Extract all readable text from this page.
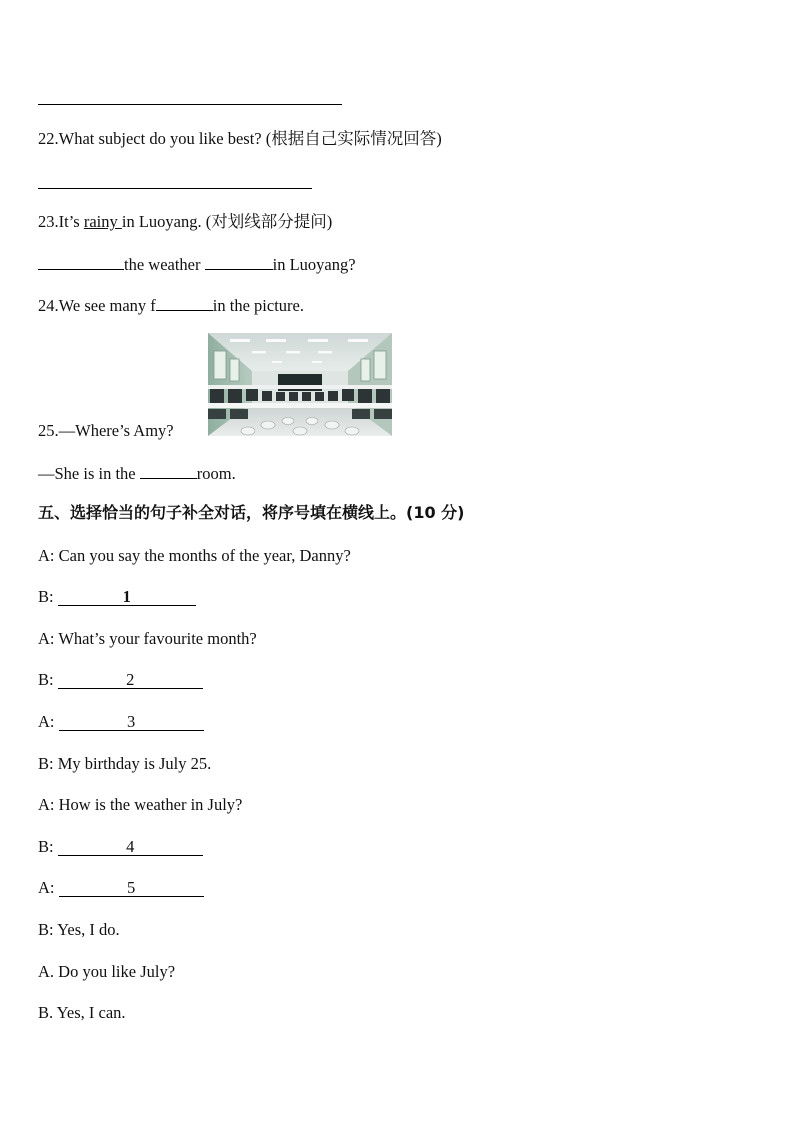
22.What subject do you like best? (根据自己实际情况回答)
23.It’s rainy in Luoyang. (对划线部分提问)
the weather	in Luoyang?
24.We see many f	in the picture.
25.—Where’s Amy?
—She is in the	room.
五、选择恰当的句子补全对话，将序号填在横线上。(10 分)
A: Can you say the months of the year, Danny?
B:	1
A: What’s your favourite month?
B:	2
A:	3
B: My birthday is July 25.
A: How is the weather in July?
B:	4
A:	5
B: Yes, I do.
A. Do you like July?
B. Yes, I can.
